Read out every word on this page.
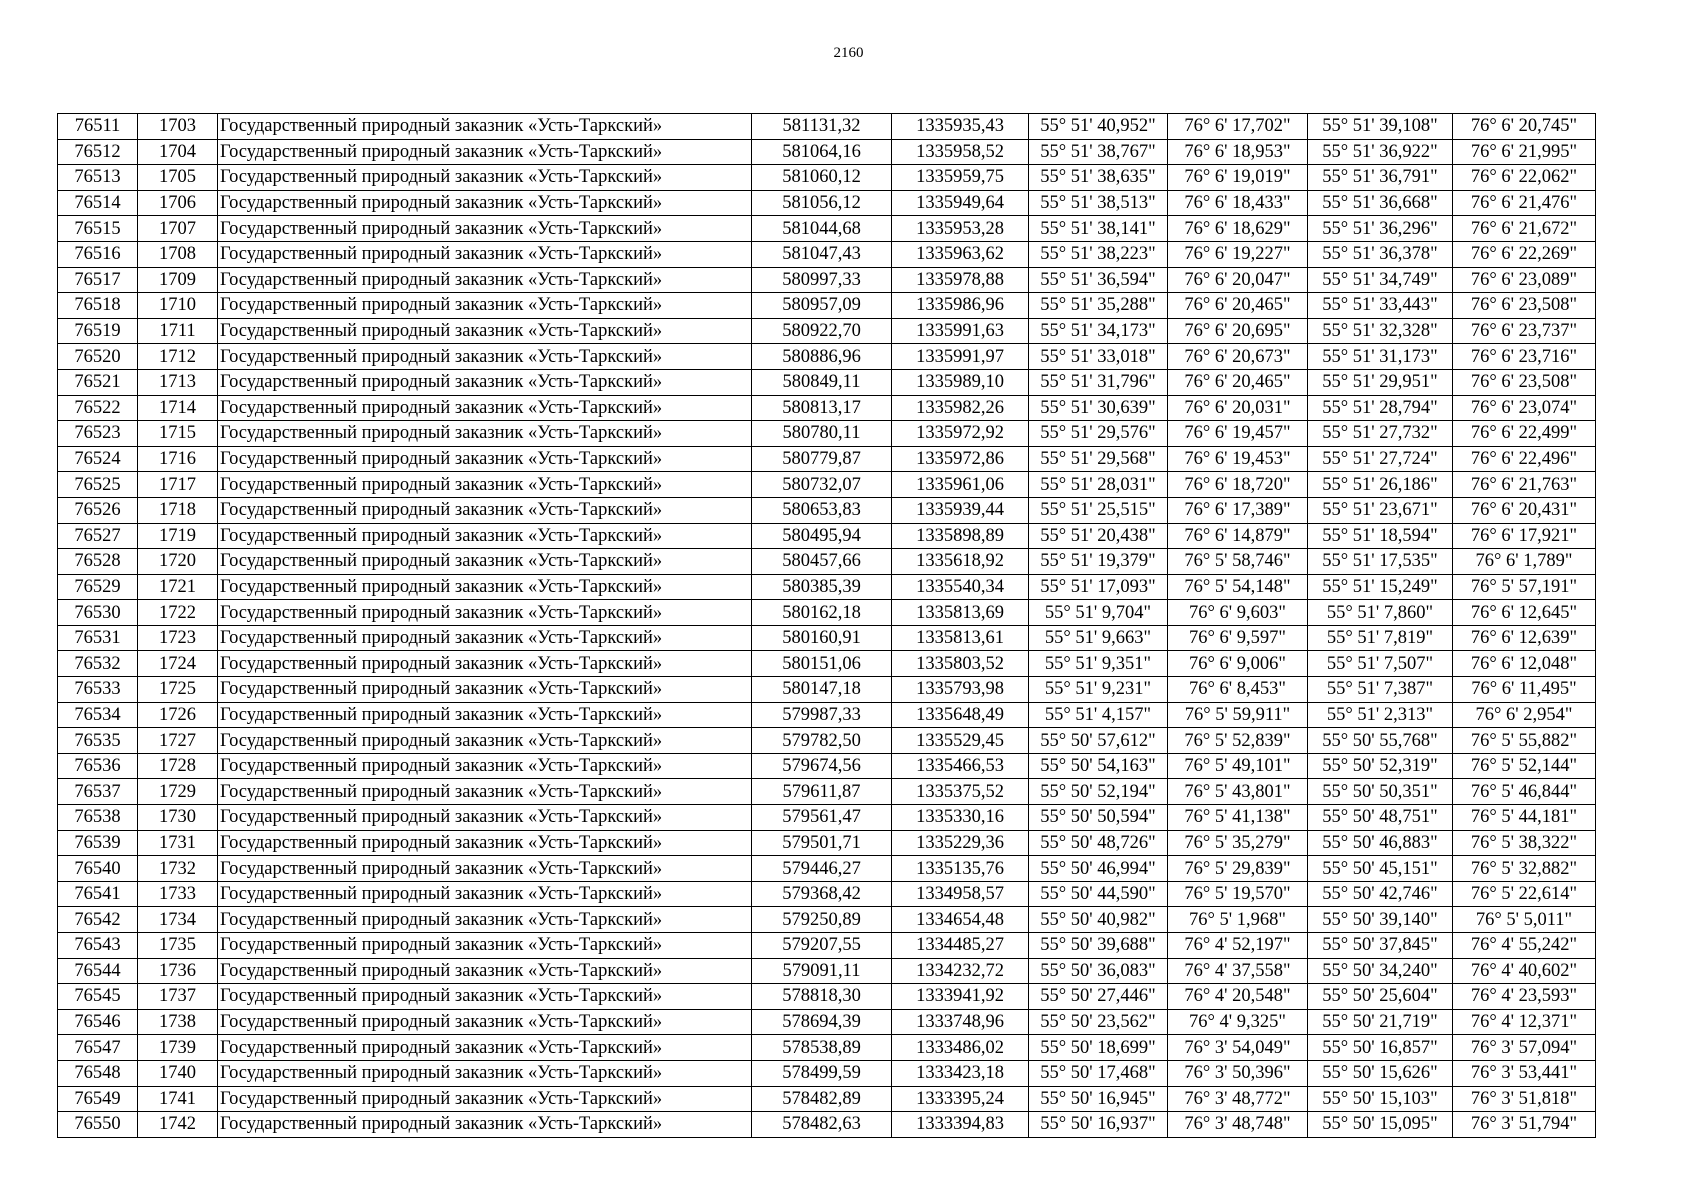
2160
76511	1703	Государственный природный заказник «Усть-Таркский»	581131,32	1335935,43	55° 51' 40,952"	76° 6' 17,702"	55° 51' 39,108"	76° 6' 20,745"
76512	1704	Государственный природный заказник «Усть-Таркский»	581064,16	1335958,52	55° 51' 38,767"	76° 6' 18,953"	55° 51' 36,922"	76° 6' 21,995"
76513	1705	Государственный природный заказник «Усть-Таркский»	581060,12	1335959,75	55° 51' 38,635"	76° 6' 19,019"	55° 51' 36,791"	76° 6' 22,062"
76514	1706	Государственный природный заказник «Усть-Таркский»	581056,12	1335949,64	55° 51' 38,513"	76° 6' 18,433"	55° 51' 36,668"	76° 6' 21,476"
76515	1707	Государственный природный заказник «Усть-Таркский»	581044,68	1335953,28	55° 51' 38,141"	76° 6' 18,629"	55° 51' 36,296"	76° 6' 21,672"
76516	1708	Государственный природный заказник «Усть-Таркский»	581047,43	1335963,62	55° 51' 38,223"	76° 6' 19,227"	55° 51' 36,378"	76° 6' 22,269"
76517	1709	Государственный природный заказник «Усть-Таркский»	580997,33	1335978,88	55° 51' 36,594"	76° 6' 20,047"	55° 51' 34,749"	76° 6' 23,089"
76518	1710	Государственный природный заказник «Усть-Таркский»	580957,09	1335986,96	55° 51' 35,288"	76° 6' 20,465"	55° 51' 33,443"	76° 6' 23,508"
76519	1711	Государственный природный заказник «Усть-Таркский»	580922,70	1335991,63	55° 51' 34,173"	76° 6' 20,695"	55° 51' 32,328"	76° 6' 23,737"
76520	1712	Государственный природный заказник «Усть-Таркский»	580886,96	1335991,97	55° 51' 33,018"	76° 6' 20,673"	55° 51' 31,173"	76° 6' 23,716"
76521	1713	Государственный природный заказник «Усть-Таркский»	580849,11	1335989,10	55° 51' 31,796"	76° 6' 20,465"	55° 51' 29,951"	76° 6' 23,508"
76522	1714	Государственный природный заказник «Усть-Таркский»	580813,17	1335982,26	55° 51' 30,639"	76° 6' 20,031"	55° 51' 28,794"	76° 6' 23,074"
76523	1715	Государственный природный заказник «Усть-Таркский»	580780,11	1335972,92	55° 51' 29,576"	76° 6' 19,457"	55° 51' 27,732"	76° 6' 22,499"
76524	1716	Государственный природный заказник «Усть-Таркский»	580779,87	1335972,86	55° 51' 29,568"	76° 6' 19,453"	55° 51' 27,724"	76° 6' 22,496"
76525	1717	Государственный природный заказник «Усть-Таркский»	580732,07	1335961,06	55° 51' 28,031"	76° 6' 18,720"	55° 51' 26,186"	76° 6' 21,763"
76526	1718	Государственный природный заказник «Усть-Таркский»	580653,83	1335939,44	55° 51' 25,515"	76° 6' 17,389"	55° 51' 23,671"	76° 6' 20,431"
76527	1719	Государственный природный заказник «Усть-Таркский»	580495,94	1335898,89	55° 51' 20,438"	76° 6' 14,879"	55° 51' 18,594"	76° 6' 17,921"
76528	1720	Государственный природный заказник «Усть-Таркский»	580457,66	1335618,92	55° 51' 19,379"	76° 5' 58,746"	55° 51' 17,535"	76° 6' 1,789"
76529	1721	Государственный природный заказник «Усть-Таркский»	580385,39	1335540,34	55° 51' 17,093"	76° 5' 54,148"	55° 51' 15,249"	76° 5' 57,191"
76530	1722	Государственный природный заказник «Усть-Таркский»	580162,18	1335813,69	55° 51' 9,704"	76° 6' 9,603"	55° 51' 7,860"	76° 6' 12,645"
76531	1723	Государственный природный заказник «Усть-Таркский»	580160,91	1335813,61	55° 51' 9,663"	76° 6' 9,597"	55° 51' 7,819"	76° 6' 12,639"
76532	1724	Государственный природный заказник «Усть-Таркский»	580151,06	1335803,52	55° 51' 9,351"	76° 6' 9,006"	55° 51' 7,507"	76° 6' 12,048"
76533	1725	Государственный природный заказник «Усть-Таркский»	580147,18	1335793,98	55° 51' 9,231"	76° 6' 8,453"	55° 51' 7,387"	76° 6' 11,495"
76534	1726	Государственный природный заказник «Усть-Таркский»	579987,33	1335648,49	55° 51' 4,157"	76° 5' 59,911"	55° 51' 2,313"	76° 6' 2,954"
76535	1727	Государственный природный заказник «Усть-Таркский»	579782,50	1335529,45	55° 50' 57,612"	76° 5' 52,839"	55° 50' 55,768"	76° 5' 55,882"
76536	1728	Государственный природный заказник «Усть-Таркский»	579674,56	1335466,53	55° 50' 54,163"	76° 5' 49,101"	55° 50' 52,319"	76° 5' 52,144"
76537	1729	Государственный природный заказник «Усть-Таркский»	579611,87	1335375,52	55° 50' 52,194"	76° 5' 43,801"	55° 50' 50,351"	76° 5' 46,844"
76538	1730	Государственный природный заказник «Усть-Таркский»	579561,47	1335330,16	55° 50' 50,594"	76° 5' 41,138"	55° 50' 48,751"	76° 5' 44,181"
76539	1731	Государственный природный заказник «Усть-Таркский»	579501,71	1335229,36	55° 50' 48,726"	76° 5' 35,279"	55° 50' 46,883"	76° 5' 38,322"
76540	1732	Государственный природный заказник «Усть-Таркский»	579446,27	1335135,76	55° 50' 46,994"	76° 5' 29,839"	55° 50' 45,151"	76° 5' 32,882"
76541	1733	Государственный природный заказник «Усть-Таркский»	579368,42	1334958,57	55° 50' 44,590"	76° 5' 19,570"	55° 50' 42,746"	76° 5' 22,614"
76542	1734	Государственный природный заказник «Усть-Таркский»	579250,89	1334654,48	55° 50' 40,982"	76° 5' 1,968"	55° 50' 39,140"	76° 5' 5,011"
76543	1735	Государственный природный заказник «Усть-Таркский»	579207,55	1334485,27	55° 50' 39,688"	76° 4' 52,197"	55° 50' 37,845"	76° 4' 55,242"
76544	1736	Государственный природный заказник «Усть-Таркский»	579091,11	1334232,72	55° 50' 36,083"	76° 4' 37,558"	55° 50' 34,240"	76° 4' 40,602"
76545	1737	Государственный природный заказник «Усть-Таркский»	578818,30	1333941,92	55° 50' 27,446"	76° 4' 20,548"	55° 50' 25,604"	76° 4' 23,593"
76546	1738	Государственный природный заказник «Усть-Таркский»	578694,39	1333748,96	55° 50' 23,562"	76° 4' 9,325"	55° 50' 21,719"	76° 4' 12,371"
76547	1739	Государственный природный заказник «Усть-Таркский»	578538,89	1333486,02	55° 50' 18,699"	76° 3' 54,049"	55° 50' 16,857"	76° 3' 57,094"
76548	1740	Государственный природный заказник «Усть-Таркский»	578499,59	1333423,18	55° 50' 17,468"	76° 3' 50,396"	55° 50' 15,626"	76° 3' 53,441"
76549	1741	Государственный природный заказник «Усть-Таркский»	578482,89	1333395,24	55° 50' 16,945"	76° 3' 48,772"	55° 50' 15,103"	76° 3' 51,818"
76550	1742	Государственный природный заказник «Усть-Таркский»	578482,63	1333394,83	55° 50' 16,937"	76° 3' 48,748"	55° 50' 15,095"	76° 3' 51,794"
